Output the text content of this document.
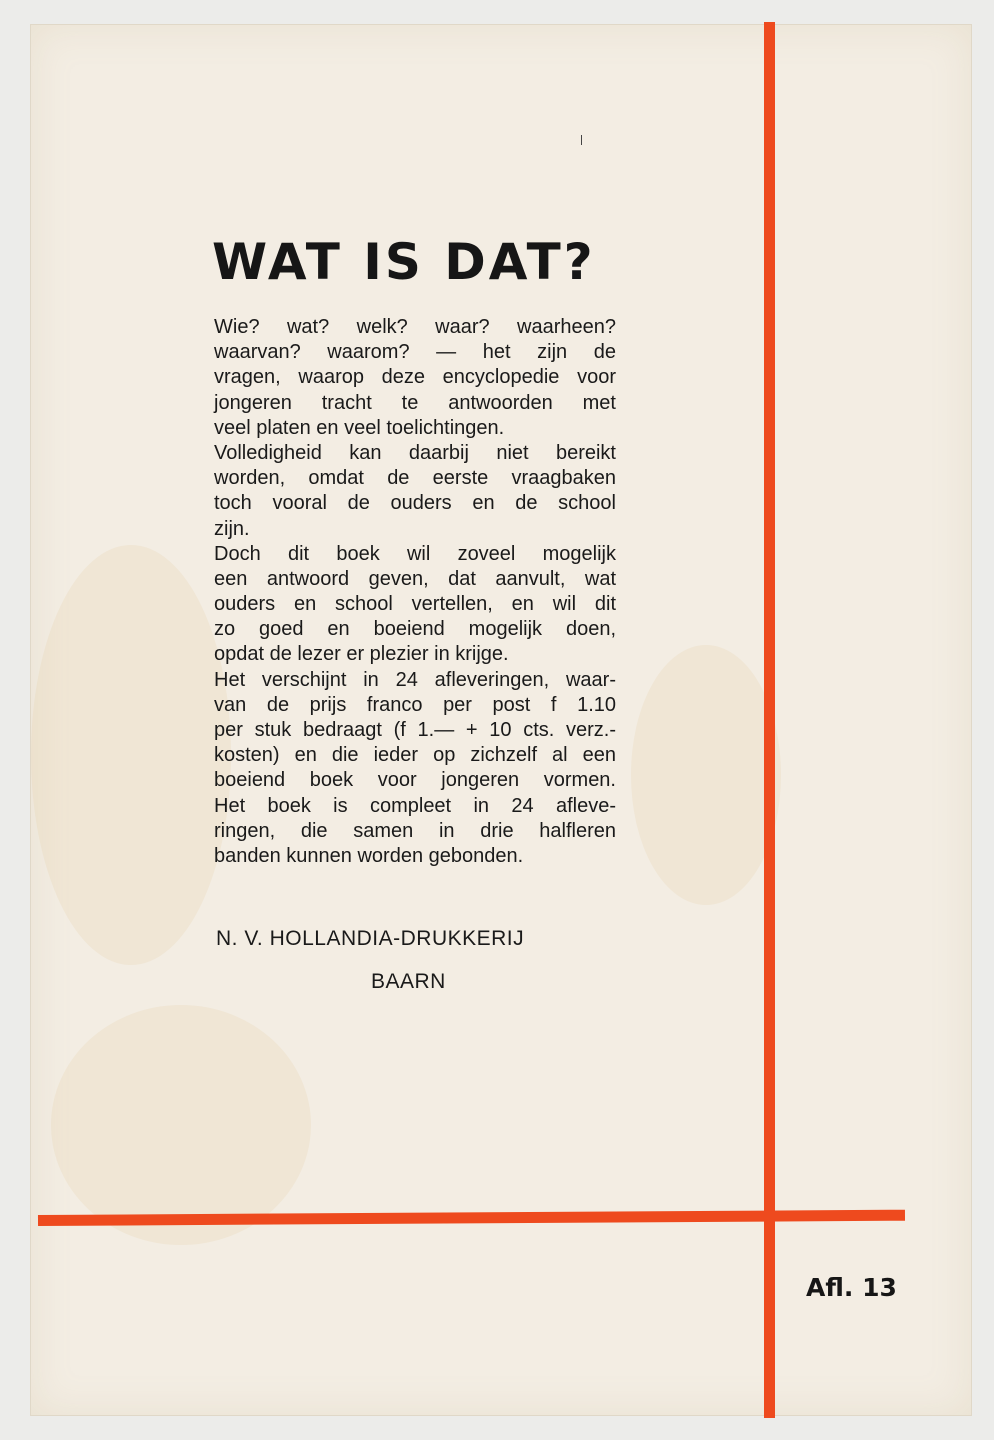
WAT IS DAT?
Wie? wat? welk? waar? waarheen?
waarvan? waarom? — het zijn de
vragen, waarop deze encyclopedie voor
jongeren tracht te antwoorden met
veel platen en veel toelichtingen.
Volledigheid kan daarbij niet bereikt
worden, omdat de eerste vraagbaken
toch vooral de ouders en de school
zijn.
Doch dit boek wil zoveel mogelijk
een antwoord geven, dat aanvult, wat
ouders en school vertellen, en wil dit
zo goed en boeiend mogelijk doen,
opdat de lezer er plezier in krijge.
Het verschijnt in 24 afleveringen, waar-
van de prijs franco per post f 1.10
per stuk bedraagt (f 1.— + 10 cts. verz.-
kosten) en die ieder op zichzelf al een
boeiend boek voor jongeren vormen.
Het boek is compleet in 24 afleve-
ringen, die samen in drie halfleren
banden kunnen worden gebonden.
N. V. HOLLANDIA-DRUKKERIJ
BAARN
Afl. 13
